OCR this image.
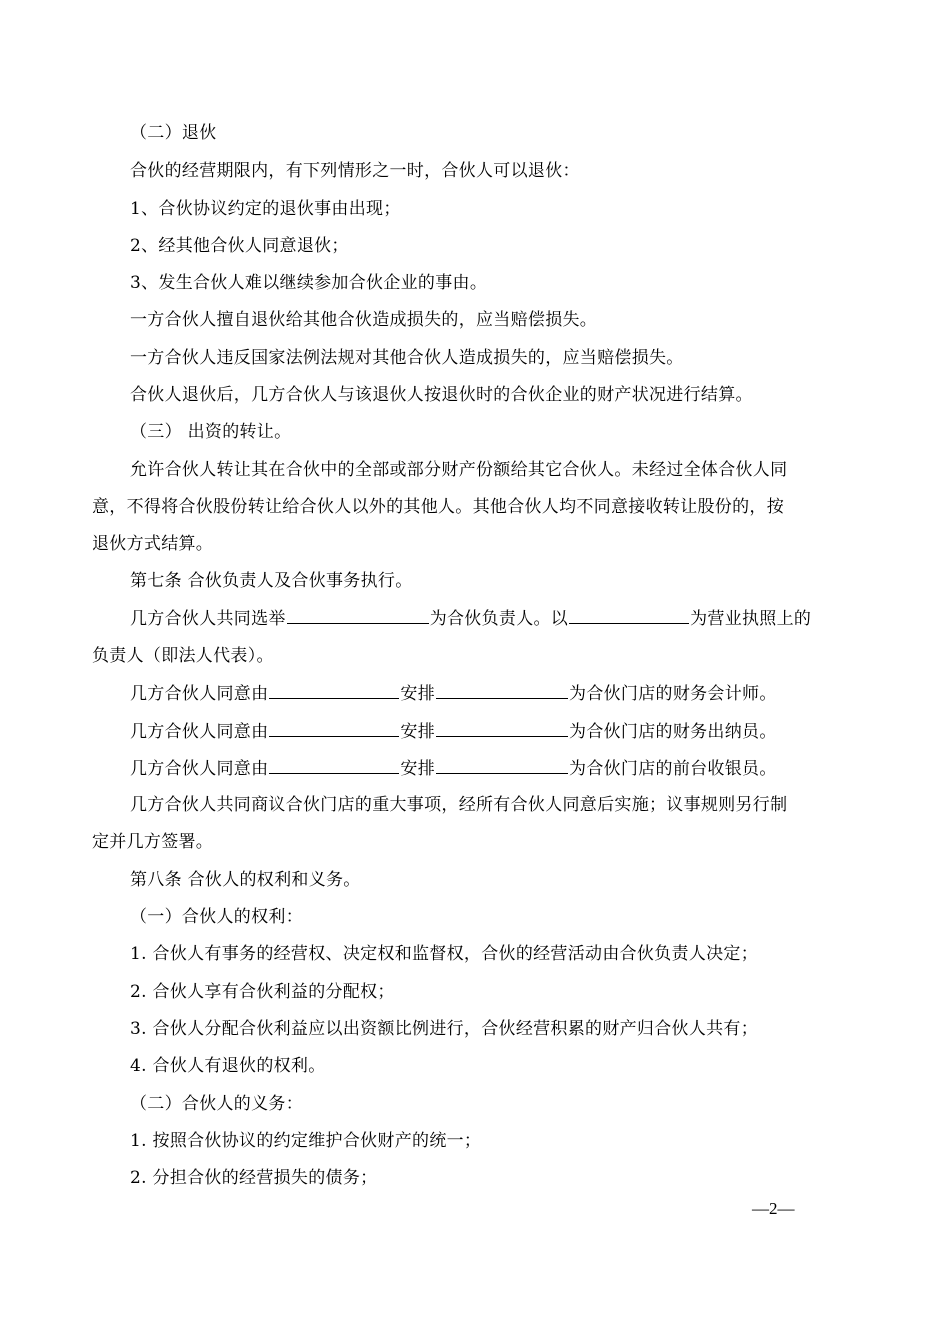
（二）退伙
合伙的经营期限内，有下列情形之一时，合伙人可以退伙：
1、合伙协议约定的退伙事由出现；
2、经其他合伙人同意退伙；
3、发生合伙人难以继续参加合伙企业的事由。
一方合伙人擅自退伙给其他合伙造成损失的，应当赔偿损失。
一方合伙人违反国家法例法规对其他合伙人造成损失的，应当赔偿损失。
合伙人退伙后，几方合伙人与该退伙人按退伙时的合伙企业的财产状况进行结算。
（三） 出资的转让。
允许合伙人转让其在合伙中的全部或部分财产份额给其它合伙人。未经过全体合伙人同
意，不得将合伙股份转让给合伙人以外的其他人。其他合伙人均不同意接收转让股份的，按
退伙方式结算。
第七条 合伙负责人及合伙事务执行。
几方合伙人共同选举	为合伙负责人。以	为营业执照上的
负责人（即法人代表）。
几方合伙人同意由	安排	为合伙门店的财务会计师。
几方合伙人同意由	安排	为合伙门店的财务出纳员。
几方合伙人同意由	安排	为合伙门店的前台收银员。
几方合伙人共同商议合伙门店的重大事项，经所有合伙人同意后实施；议事规则另行制
定并几方签署。
第八条 合伙人的权利和义务。
（一）合伙人的权利：
1. 合伙人有事务的经营权、决定权和监督权，合伙的经营活动由合伙负责人决定；
2. 合伙人享有合伙利益的分配权；
3. 合伙人分配合伙利益应以出资额比例进行，合伙经营积累的财产归合伙人共有；
4. 合伙人有退伙的权利。
（二）合伙人的义务：
1. 按照合伙协议的约定维护合伙财产的统一；
2. 分担合伙的经营损失的债务；
—2—
